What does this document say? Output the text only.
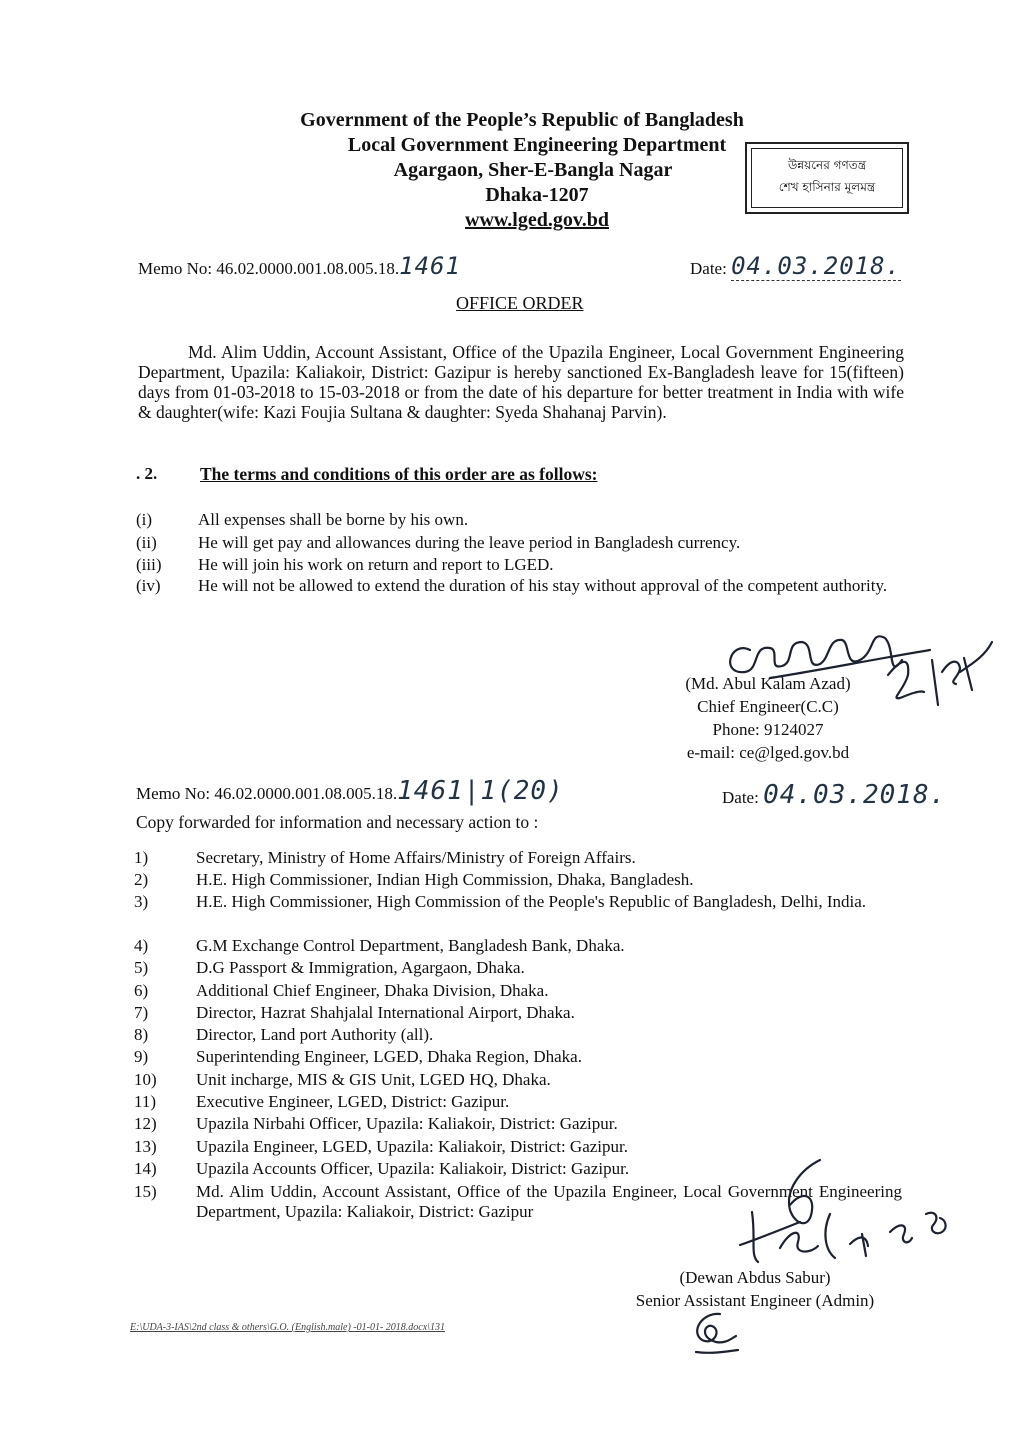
Government of the People’s Republic of Bangladesh
Local Government Engineering Department
Agargaon, Sher-E-Bangla Nagar
Dhaka-1207
www.lged.gov.bd
উন্নয়নের গণতন্ত্র
শেখ হাসিনার মূলমন্ত্র
Memo No: 46.02.0000.001.08.005.18.1461	Date: 04.03.2018.
OFFICE ORDER
Md. Alim Uddin, Account Assistant, Office of the Upazila Engineer, Local Government Engineering Department, Upazila: Kaliakoir, District: Gazipur is hereby sanctioned Ex-Bangladesh leave for 15(fifteen) days from 01-03-2018 to 15-03-2018 or from the date of his departure for better treatment in India with wife & daughter(wife: Kazi Foujia Sultana & daughter: Syeda Shahanaj Parvin).
. 2. The terms and conditions of this order are as follows:
(i)	All expenses shall be borne by his own.
(ii) He will get pay and allowances during the leave period in Bangladesh currency.
(iii) He will join his work on return and report to LGED.
(iv) He will not be allowed to extend the duration of his stay without approval of the competent authority.
(Md. Abul Kalam Azad)
Chief Engineer(C.C)
Phone: 9124027
e-mail: ce@lged.gov.bd
Memo No: 46.02.0000.001.08.005.18.1461|1(20)	Date: 04.03.2018.
Copy forwarded for information and necessary action to :
1)	Secretary, Ministry of Home Affairs/Ministry of Foreign Affairs.
2)	H.E. High Commissioner, Indian High Commission, Dhaka, Bangladesh.
3)	H.E. High Commissioner, High Commission of the People's Republic of Bangladesh, Delhi, India.
4)	G.M Exchange Control Department, Bangladesh Bank, Dhaka.
5)	D.G Passport & Immigration, Agargaon, Dhaka.
6)	Additional Chief Engineer, Dhaka Division, Dhaka.
7)	Director, Hazrat Shahjalal International Airport, Dhaka.
8)	Director, Land port Authority (all).
9)	Superintending Engineer, LGED, Dhaka Region, Dhaka.
10) Unit incharge, MIS & GIS Unit, LGED HQ, Dhaka.
11) Executive Engineer, LGED, District: Gazipur.
12) Upazila Nirbahi Officer, Upazila: Kaliakoir, District: Gazipur.
13) Upazila Engineer, LGED, Upazila: Kaliakoir, District: Gazipur.
14) Upazila Accounts Officer, Upazila: Kaliakoir, District: Gazipur.
15) Md. Alim Uddin, Account Assistant, Office of the Upazila Engineer, Local Government Engineering Department, Upazila: Kaliakoir, District: Gazipur
(Dewan Abdus Sabur)
Senior Assistant Engineer (Admin)
E:\UDA-3-IAS\2nd class & others\G.O. (English.male) -01-01- 2018.docx\131
